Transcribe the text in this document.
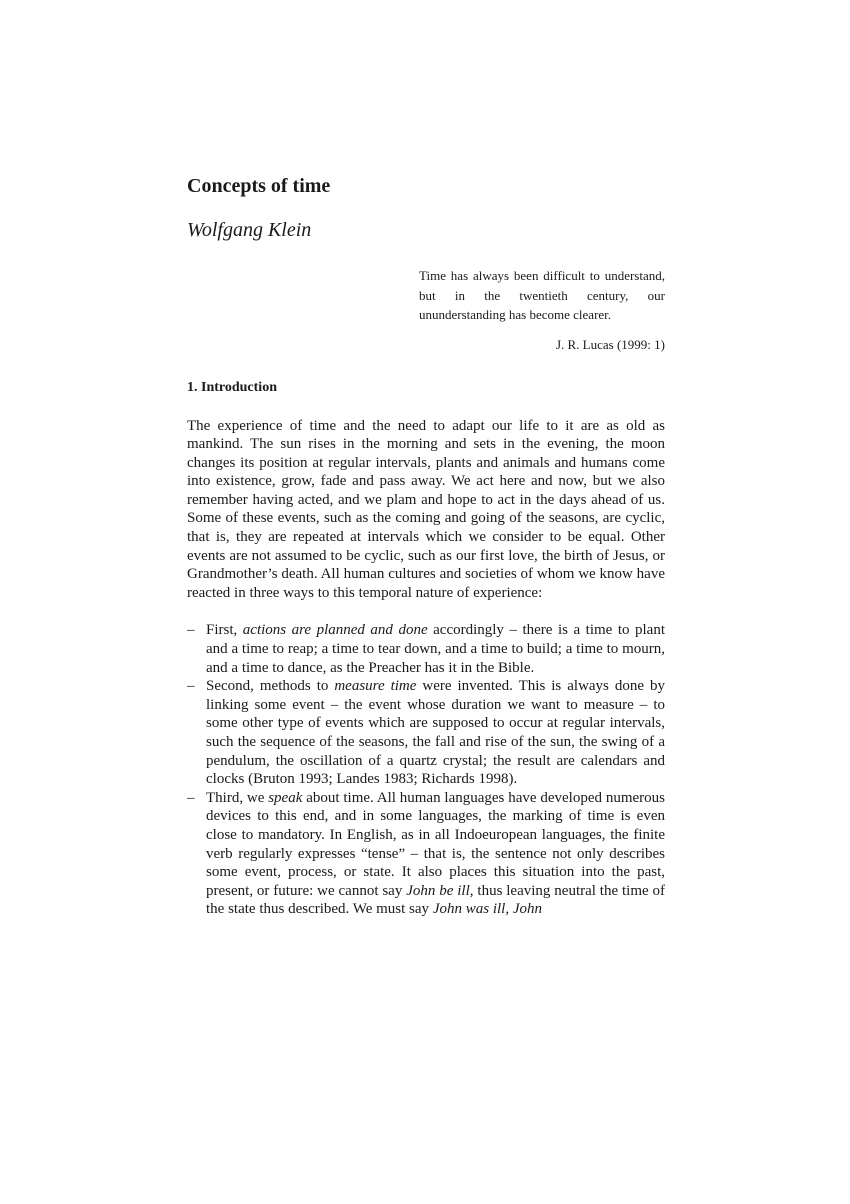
Concepts of time
Wolfgang Klein
Time has always been difficult to understand, but in the twentieth century, our ununderstanding has become clearer.
J. R. Lucas (1999: 1)
1. Introduction
The experience of time and the need to adapt our life to it are as old as mankind. The sun rises in the morning and sets in the evening, the moon changes its position at regular intervals, plants and animals and humans come into existence, grow, fade and pass away. We act here and now, but we also remember having acted, and we plam and hope to act in the days ahead of us. Some of these events, such as the coming and going of the seasons, are cyclic, that is, they are repeated at intervals which we consider to be equal. Other events are not assumed to be cyclic, such as our first love, the birth of Jesus, or Grandmother’s death. All human cultures and societies of whom we know have reacted in three ways to this temporal nature of experience:
– First, actions are planned and done accordingly – there is a time to plant and a time to reap; a time to tear down, and a time to build; a time to mourn, and a time to dance, as the Preacher has it in the Bible.
– Second, methods to measure time were invented. This is always done by linking some event – the event whose duration we want to measure – to some other type of events which are supposed to occur at regular intervals, such the sequence of the seasons, the fall and rise of the sun, the swing of a pendulum, the oscillation of a quartz crystal; the result are calendars and clocks (Bruton 1993; Landes 1983; Richards 1998).
– Third, we speak about time. All human languages have developed numerous devices to this end, and in some languages, the marking of time is even close to mandatory. In English, as in all Indoeuropean languages, the finite verb regularly expresses “tense” – that is, the sentence not only describes some event, process, or state. It also places this situation into the past, present, or future: we cannot say John be ill, thus leaving neutral the time of the state thus described. We must say John was ill, John
